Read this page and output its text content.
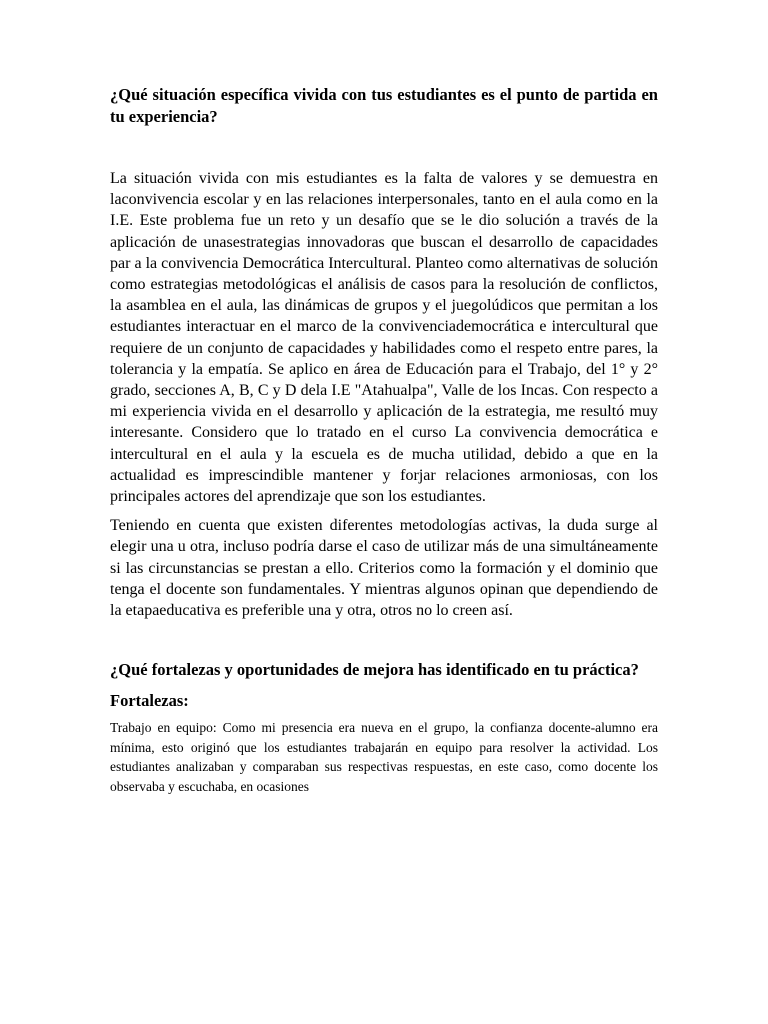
¿Qué situación específica vivida con tus estudiantes es el punto de partida en tu experiencia?

La situación vivida con mis estudiantes es la falta de valores y se demuestra en laconvivencia escolar y en las relaciones interpersonales, tanto en el aula como en la I.E. Este problema fue un reto y un desafío que se le dio solución a través de la aplicación de unasestrategias innovadoras que buscan el desarrollo de capacidades par a la convivencia Democrática Intercultural. Planteo como alternativas de solución como estrategias metodológicas el análisis de casos para la resolución de conflictos, la asamblea en el aula, las dinámicas de grupos y el juegolúdicos que permitan a los estudiantes interactuar en el marco de la convivenciademocrática e intercultural que requiere de un conjunto de capacidades y habilidades como el respeto entre pares, la tolerancia y la empatía. Se aplico en área de Educación para el Trabajo, del 1° y 2° grado, secciones A, B, C y D dela I.E "Atahualpa", Valle de los Incas. Con respecto a mi experiencia vivida en el desarrollo y aplicación de la estrategia, me resultó muy interesante. Considero que lo tratado en el curso La convivencia democrática e intercultural en el aula y la escuela es de mucha utilidad, debido a que en la actualidad es imprescindible mantener y forjar relaciones armoniosas, con los principales actores del aprendizaje que son los estudiantes.

Teniendo en cuenta que existen diferentes metodologías activas, la duda surge al elegir una u otra, incluso podría darse el caso de utilizar más de una simultáneamente si las circunstancias se prestan a ello. Criterios como la formación y el dominio que tenga el docente son fundamentales. Y mientras algunos opinan que dependiendo de la etapaeducativa es preferible una y otra, otros no lo creen así.

¿Qué fortalezas y oportunidades de mejora has identificado en tu práctica?

Fortalezas:

Trabajo en equipo: Como mi presencia era nueva en el grupo, la confianza docente-alumno era mínima, esto originó que los estudiantes trabajarán en equipo para resolver la actividad. Los estudiantes analizaban y comparaban sus respectivas respuestas, en este caso, como docente los observaba y escuchaba, en ocasiones
